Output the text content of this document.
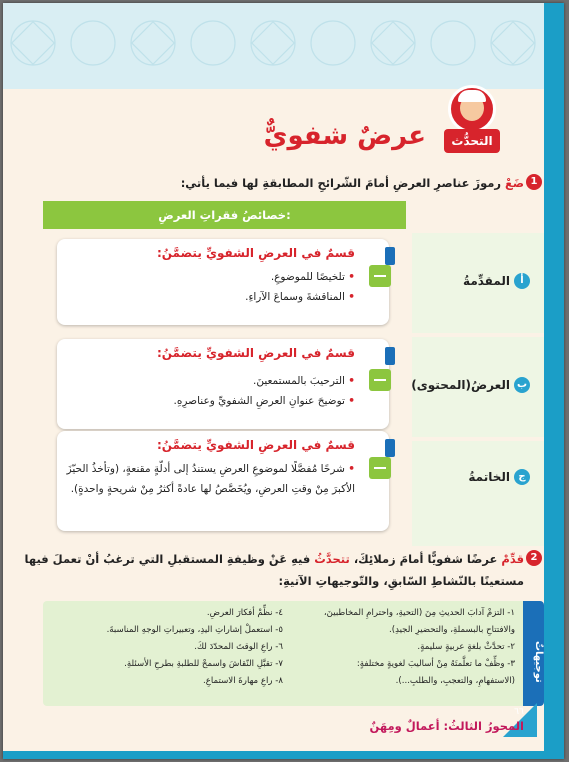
التحدُّث
عرضٌ شفويٌّ
1
ضَعْ رموزَ عناصرِ العرضِ أمامَ الشّرائحِ المطابقةِ لها فيما يأتي:
خصائصُ فقراتِ العرضِ:
أ
المقدِّمةُ
قسمٌ في العرضِ الشفويِّ يتضمَّنُ:
• تلخيصًا للموضوعِ.
• المناقشةَ وسماعَ الآراءِ.
ب
العرضُ(المحتوى)
قسمٌ في العرضِ الشفويِّ يتضمَّنُ:
• الترحيبَ بالمستمعينَ.
• توضيحَ عنوانِ العرضِ الشفويِّ وعناصرِهِ.
ج
الخاتمةُ
قسمٌ في العرضِ الشفويِّ يتضمَّنُ:
• شرحًا مُفصَّلًا لموضوعِ العرضِ يستندُ إلى أدلّةٍ مقنعةٍ، (وتأخذُ الحيّزَ الأكبرَ مِنْ وقتِ العرضِ، ويُخَصَّصُ لها عادةً أكثرُ مِنْ شريحةٍ واحدةٍ).
2
قدِّمْ عرضًا شفويًّا أمامَ زملائِكَ، تتحدَّثُ فيهِ عَنْ وظيفةِ المستقبلِ التي ترغبُ أنْ تعملَ فيها مستعينًا بالنّشاطِ السّابقِ، والتّوجيهاتِ الآتيةِ:
١- التزمْ آدابَ الحديثِ مِنَ (التحيةِ، واحترامِ المخاطبينَ،
والافتتاحِ بالبسملةِ، والتحضيرِ الجيدِ).
٢- تحدَّثْ بلغةٍ عربيةٍ سليمةٍ.
٣- وظِّفْ ما تعلَّمتَهُ مِنْ أساليبَ لغويةٍ مختلفةٍ:
(الاستفهامِ، والتعجبِ، والطلبِ...).
٤- نظِّمْ أفكارَ العرضِ.
٥- استعملْ إشاراتِ اليدِ، وتعبيراتِ الوجهِ المناسبةَ.
٦- راعِ الوقتَ المحدّدَ لكَ.
٧- تقبَّلِ النّقاشَ واسمحْ للطلبةِ بطرحِ الأسئلةِ.
٨- راعِ مهارةَ الاستماعِ.	توجيهاتٌ
٦٦
المحورُ الثالثُ: أعمالٌ ومِهَنٌ
